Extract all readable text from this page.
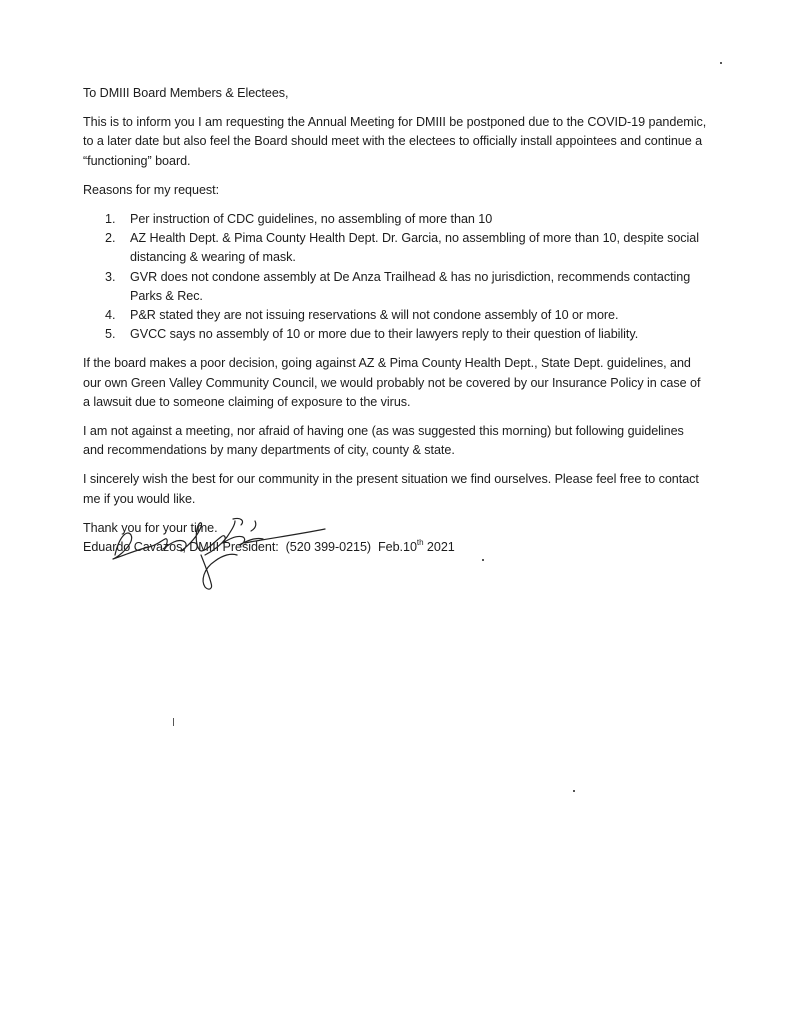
To DMIII Board Members & Electees,

This is to inform you I am requesting the Annual Meeting for DMIII be postponed due to the COVID-19 pandemic, to a later date but also feel the Board should meet with the electees to officially install appointees and continue a “functioning” board.

Reasons for my request:

1. Per instruction of CDC guidelines, no assembling of more than 10
2. AZ Health Dept. & Pima County Health Dept. Dr. Garcia, no assembling of more than 10, despite social distancing & wearing of mask.
3. GVR does not condone assembly at De Anza Trailhead & has no jurisdiction, recommends contacting Parks & Rec.
4. P&R stated they are not issuing reservations & will not condone assembly of 10 or more.
5. GVCC says no assembly of 10 or more due to their lawyers reply to their question of liability.

If the board makes a poor decision, going against AZ & Pima County Health Dept., State Dept. guidelines, and our own Green Valley Community Council, we would probably not be covered by our Insurance Policy in case of a lawsuit due to someone claiming of exposure to the virus.

I am not against a meeting, nor afraid of having one (as was suggested this morning) but following guidelines and recommendations by many departments of city, county & state.

I sincerely wish the best for our community in the present situation we find ourselves. Please feel free to contact me if you would like.

Thank you for your time.

Eduardo Cavazos, DMIII President: (520 399-0215) Feb.10th 2021
